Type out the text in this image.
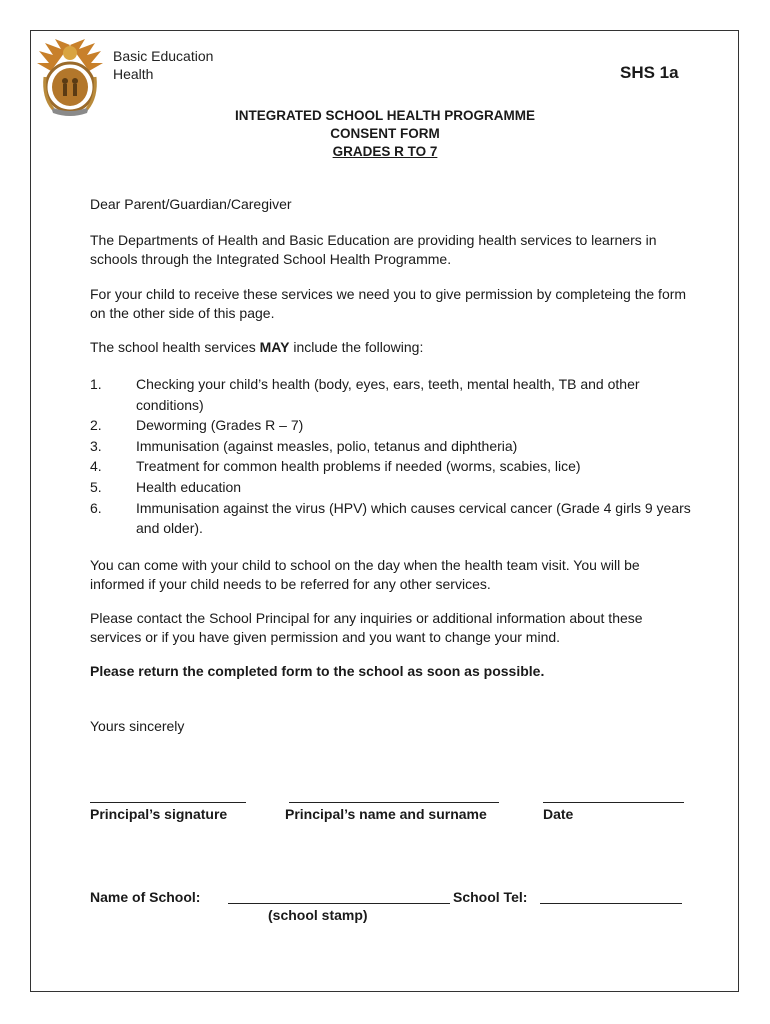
Basic Education
Health	SHS 1a
INTEGRATED SCHOOL HEALTH PROGRAMME
CONSENT FORM
GRADES R TO 7

Dear Parent/Guardian/Caregiver

The Departments of Health and Basic Education are providing health services to learners in schools through the Integrated School Health Programme.

For your child to receive these services we need you to give permission by completeing the form on the other side of this page.

The school health services MAY include the following:

1. Checking your child’s health (body, eyes, ears, teeth, mental health, TB and other conditions)
2. Deworming (Grades R – 7)
3. Immunisation (against measles, polio, tetanus and diphtheria)
4. Treatment for common health problems if needed (worms, scabies, lice)
5. Health education
6. Immunisation against the virus (HPV) which causes cervical cancer (Grade 4 girls 9 years and older).

You can come with your child to school on the day when the health team visit. You will be informed if your child needs to be referred for any other services.

Please contact the School Principal for any inquiries or additional information about these services or if you have given permission and you want to change your mind.

Please return the completed form to the school as soon as possible.

Yours sincerely

Principal’s signature	Principal’s name and surname	Date
Name of School:	School Tel:
(school stamp)
